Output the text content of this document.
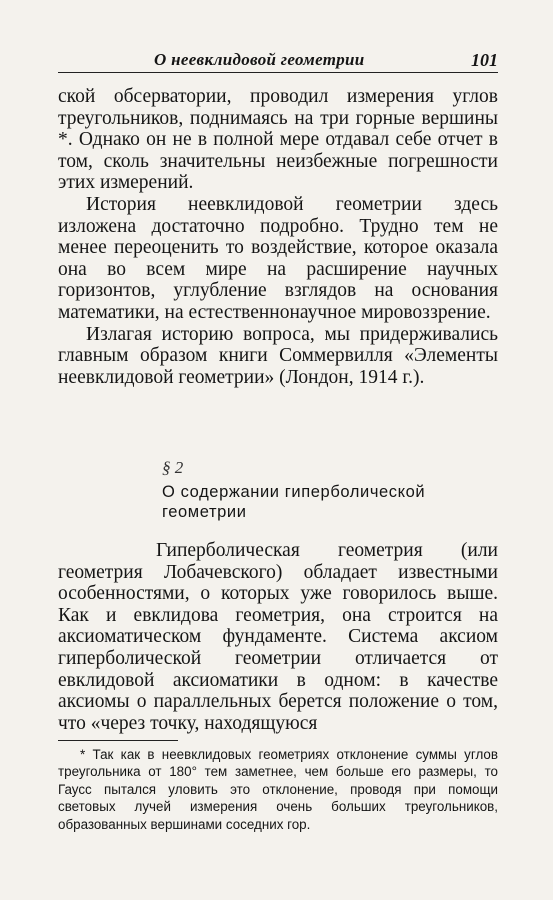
О неевклидовой геометрии	101

ской обсерватории, проводил измерения углов треугольников, поднимаясь на три горные вершины *. Однако он не в полной мере отдавал себе отчет в том, сколь значительны неизбежные погрешности этих измерений.

История неевклидовой геометрии здесь изложена достаточно подробно. Трудно тем не менее переоценить то воздействие, которое оказала она во всем мире на расширение научных горизонтов, углубление взглядов на основания математики, на естественнонаучное мировоззрение.

Излагая историю вопроса, мы придерживались главным образом книги Соммервилля «Элементы неевклидовой геометрии» (Лондон, 1914 г.).

§ 2
О содержании гиперболической геометрии

Гиперболическая геометрия (или геометрия Лобачевского) обладает известными особенностями, о которых уже говорилось выше. Как и евклидова геометрия, она строится на аксиоматическом фундаменте. Система аксиом гиперболической геометрии отличается от евклидовой аксиоматики в одном: в качестве аксиомы о параллельных берется положение о том, что «через точку, находящуюся

* Так как в неевклидовых геометриях отклонение суммы углов треугольника от 180° тем заметнее, чем больше его размеры, то Гаусс пытался уловить это отклонение, проводя при помощи световых лучей измерения очень больших треугольников, образованных вершинами соседних гор.
